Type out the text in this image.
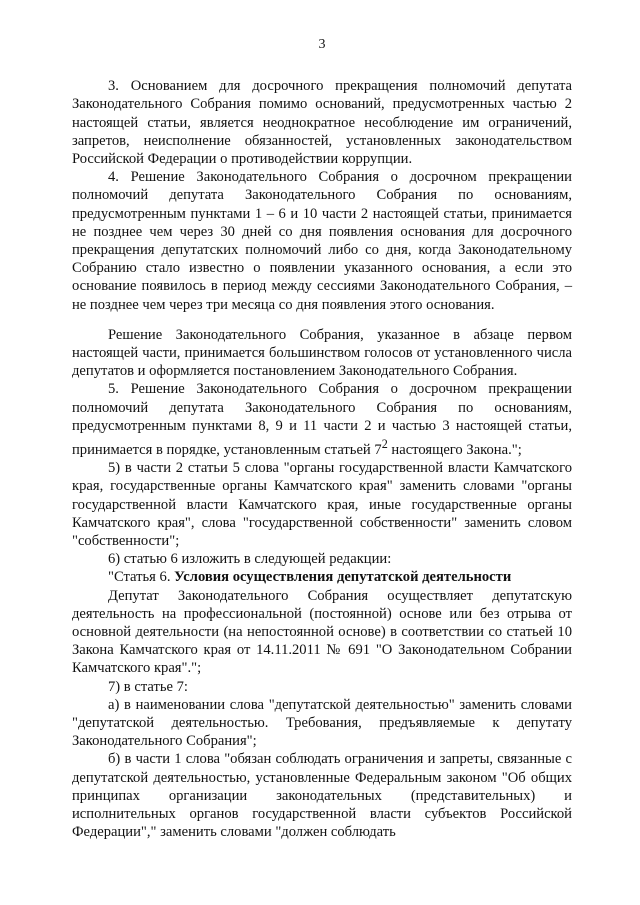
3

3. Основанием для досрочного прекращения полномочий депутата Законодательного Собрания помимо оснований, предусмотренных частью 2 настоящей статьи, является неоднократное несоблюдение им ограничений, запретов, неисполнение обязанностей, установленных законодательством Российской Федерации о противодействии коррупции.

4. Решение Законодательного Собрания о досрочном прекращении полномочий депутата Законодательного Собрания по основаниям, предусмотренным пунктами 1 – 6 и 10 части 2 настоящей статьи, принимается не позднее чем через 30 дней со дня появления основания для досрочного прекращения депутатских полномочий либо со дня, когда Законодательному Собранию стало известно о появлении указанного основания, а если это основание появилось в период между сессиями Законодательного Собрания, – не позднее чем через три месяца со дня появления этого основания.

Решение Законодательного Собрания, указанное в абзаце первом настоящей части, принимается большинством голосов от установленного числа депутатов и оформляется постановлением Законодательного Собрания.

5. Решение Законодательного Собрания о досрочном прекращении полномочий депутата Законодательного Собрания по основаниям, предусмотренным пунктами 8, 9 и 11 части 2 и частью 3 настоящей статьи, принимается в порядке, установленным статьей $7^2$ настоящего Закона.";

5) в части 2 статьи 5 слова "органы государственной власти Камчатского края, государственные органы Камчатского края" заменить словами "органы государственной власти Камчатского края, иные государственные органы Камчатского края", слова "государственной собственности" заменить словом "собственности";

6) статью 6 изложить в следующей редакции:

"Статья 6. Условия осуществления депутатской деятельности

Депутат Законодательного Собрания осуществляет депутатскую деятельность на профессиональной (постоянной) основе или без отрыва от основной деятельности (на непостоянной основе) в соответствии со статьей 10 Закона Камчатского края от 14.11.2011 № 691 "О Законодательном Собрании Камчатского края".";

7) в статье 7:

а) в наименовании слова "депутатской деятельностью" заменить словами "депутатской деятельностью. Требования, предъявляемые к депутату Законодательного Собрания";

б) в части 1 слова "обязан соблюдать ограничения и запреты, связанные с депутатской деятельностью, установленные Федеральным законом "Об общих принципах организации законодательных (представительных) и исполнительных органов государственной власти субъектов Российской Федерации"," заменить словами "должен соблюдать
